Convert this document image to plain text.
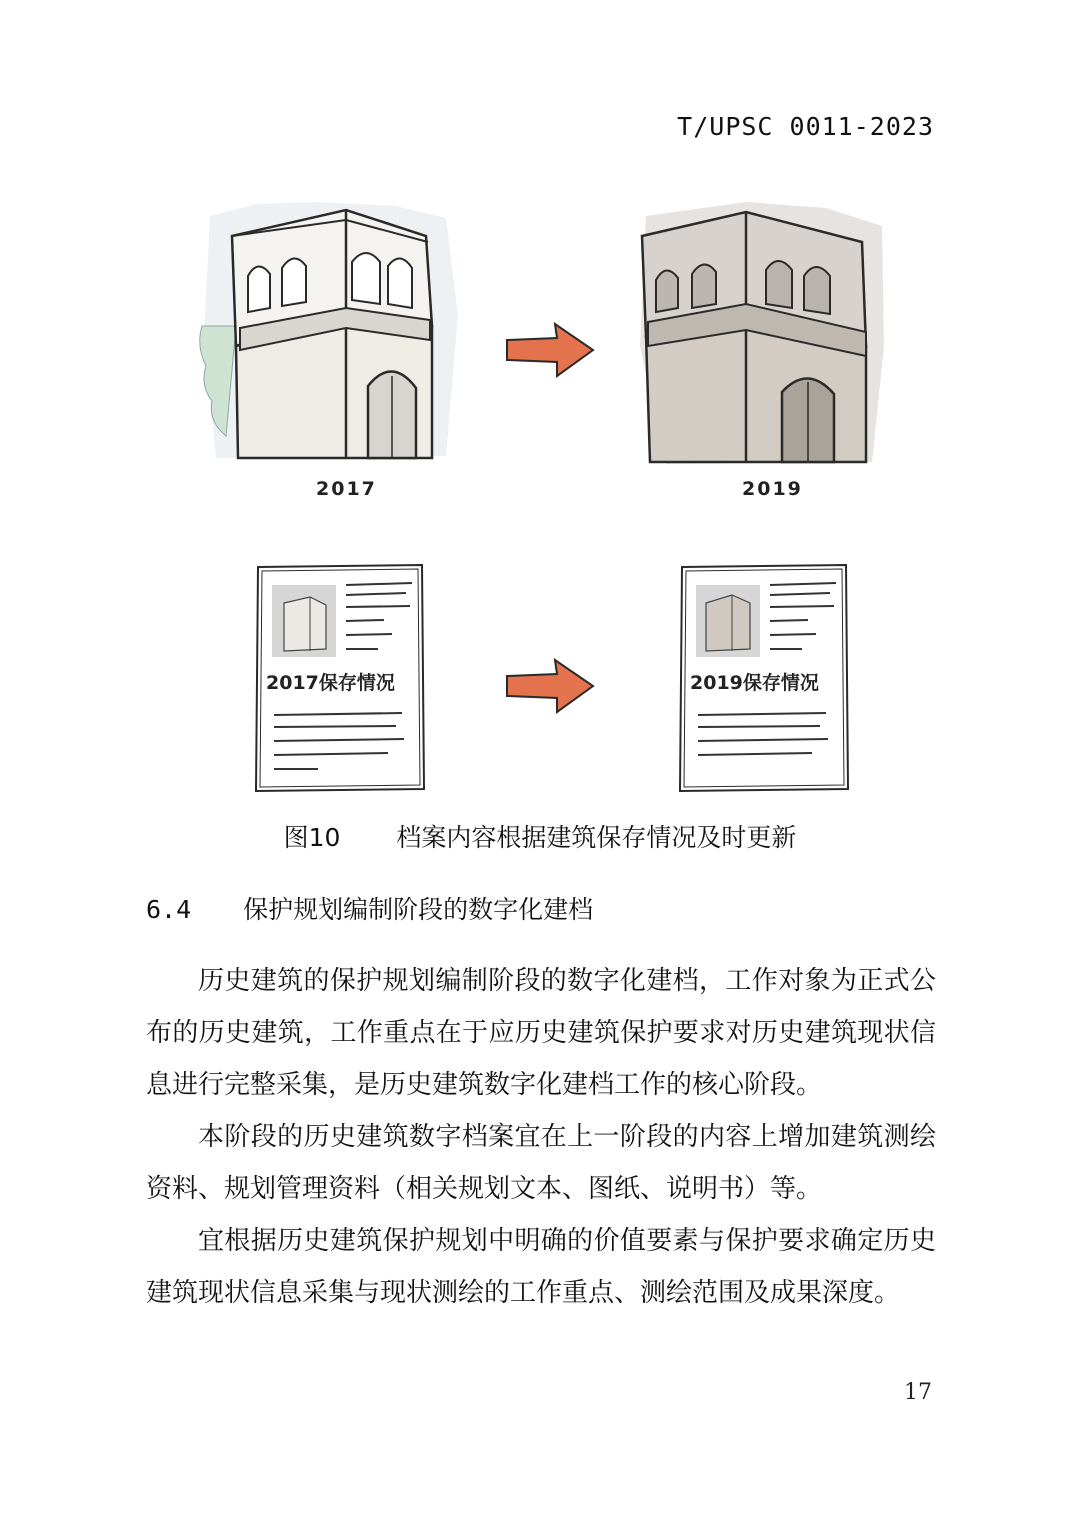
T/UPSC 0011-2023
2017	2019
2017保存情况	2019保存情况
图10 档案内容根据建筑保存情况及时更新
6.4 保护规划编制阶段的数字化建档

历史建筑的保护规划编制阶段的数字化建档，工作对象为正式公布的历史建筑，工作重点在于应历史建筑保护要求对历史建筑现状信息进行完整采集，是历史建筑数字化建档工作的核心阶段。

本阶段的历史建筑数字档案宜在上一阶段的内容上增加建筑测绘资料、规划管理资料（相关规划文本、图纸、说明书）等。

宜根据历史建筑保护规划中明确的价值要素与保护要求确定历史建筑现状信息采集与现状测绘的工作重点、测绘范围及成果深度。

17
